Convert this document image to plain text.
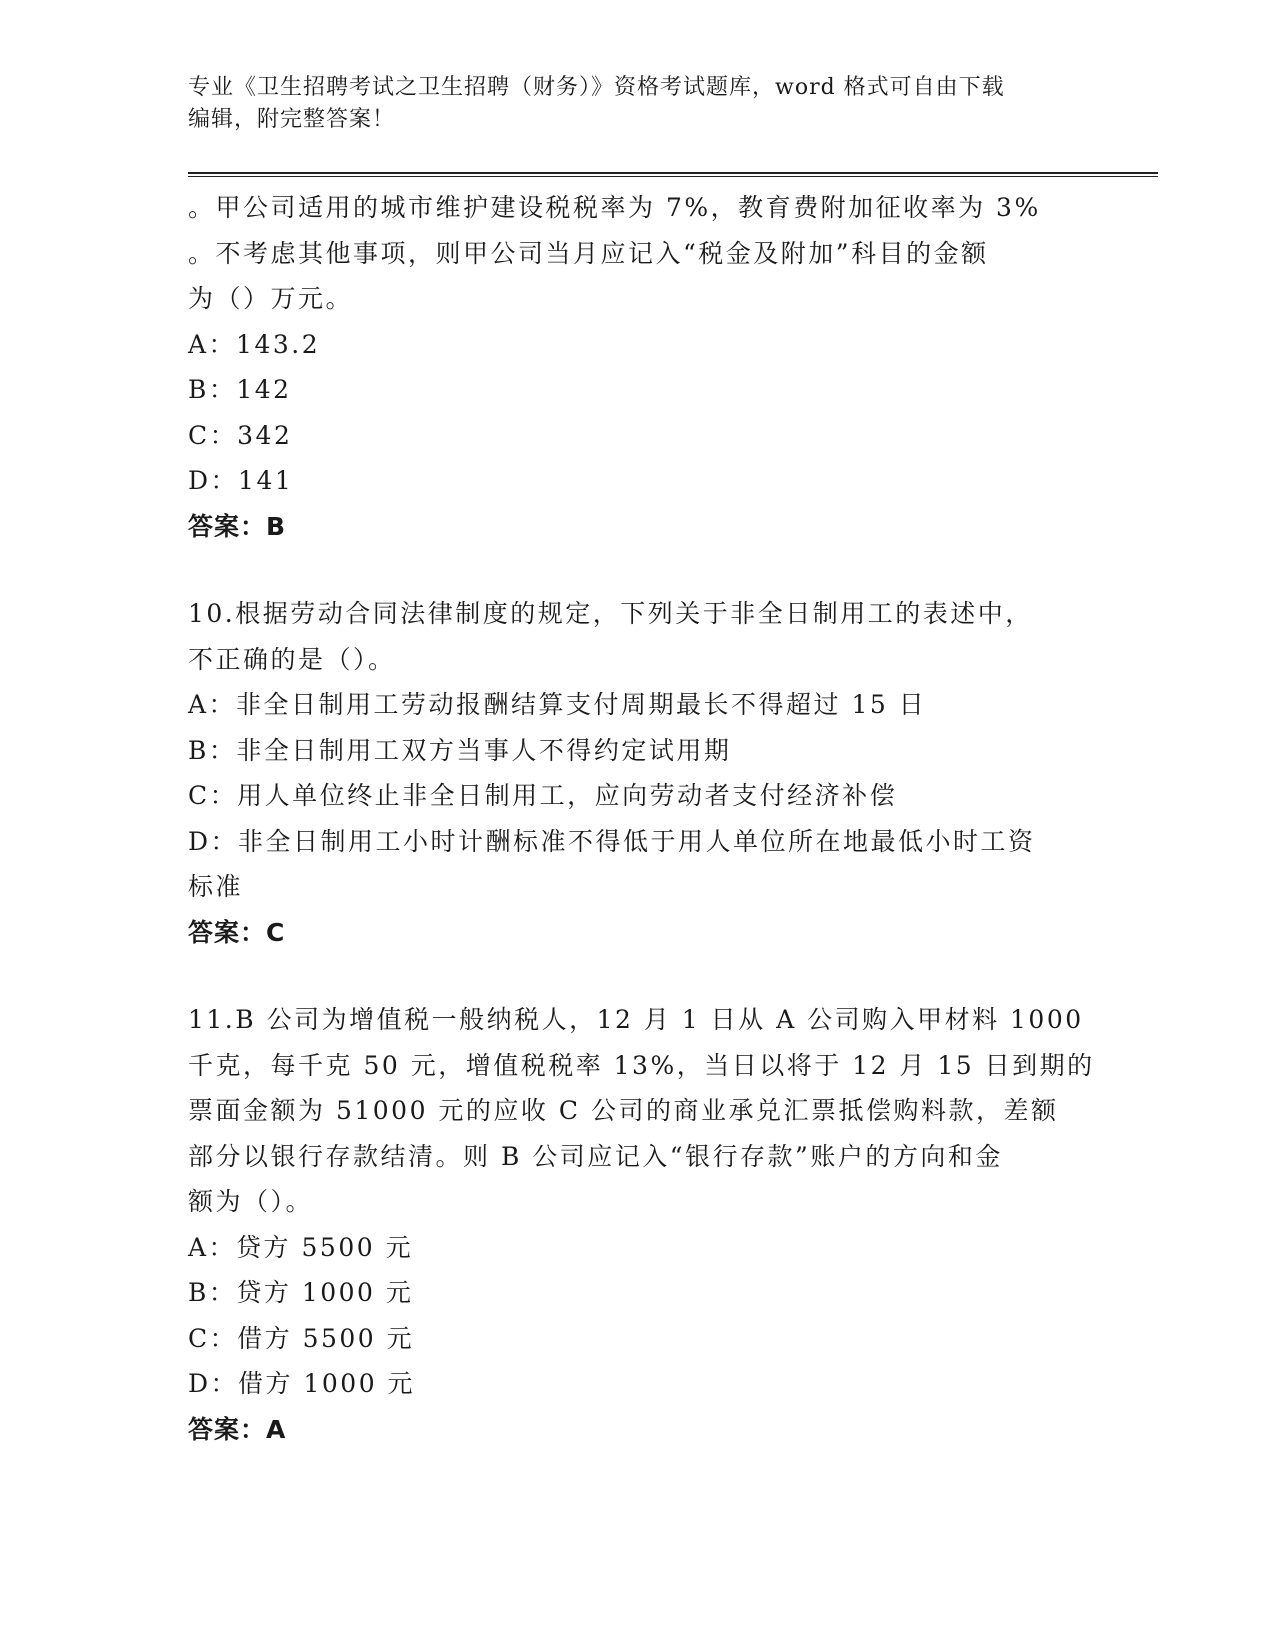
专业《卫生招聘考试之卫生招聘（财务）》资格考试题库，word 格式可自由下载
编辑，附完整答案！
。甲公司适用的城市维护建设税税率为 7%，教育费附加征收率为 3%
。不考虑其他事项，则甲公司当月应记入“税金及附加”科目的金额
为（）万元。
A：143.2
B：142
C：342
D：141
答案：B
10.根据劳动合同法律制度的规定，下列关于非全日制用工的表述中，
不正确的是（）。
A：非全日制用工劳动报酬结算支付周期最长不得超过 15 日
B：非全日制用工双方当事人不得约定试用期
C：用人单位终止非全日制用工，应向劳动者支付经济补偿
D：非全日制用工小时计酬标准不得低于用人单位所在地最低小时工资
标准
答案：C
11.B 公司为增值税一般纳税人，12 月 1 日从 A 公司购入甲材料 1000
千克，每千克 50 元，增值税税率 13%，当日以将于 12 月 15 日到期的
票面金额为 51000 元的应收 C 公司的商业承兑汇票抵偿购料款，差额
部分以银行存款结清。则 B 公司应记入“银行存款”账户的方向和金
额为（）。
A：贷方 5500 元
B：贷方 1000 元
C：借方 5500 元
D：借方 1000 元
答案：A
